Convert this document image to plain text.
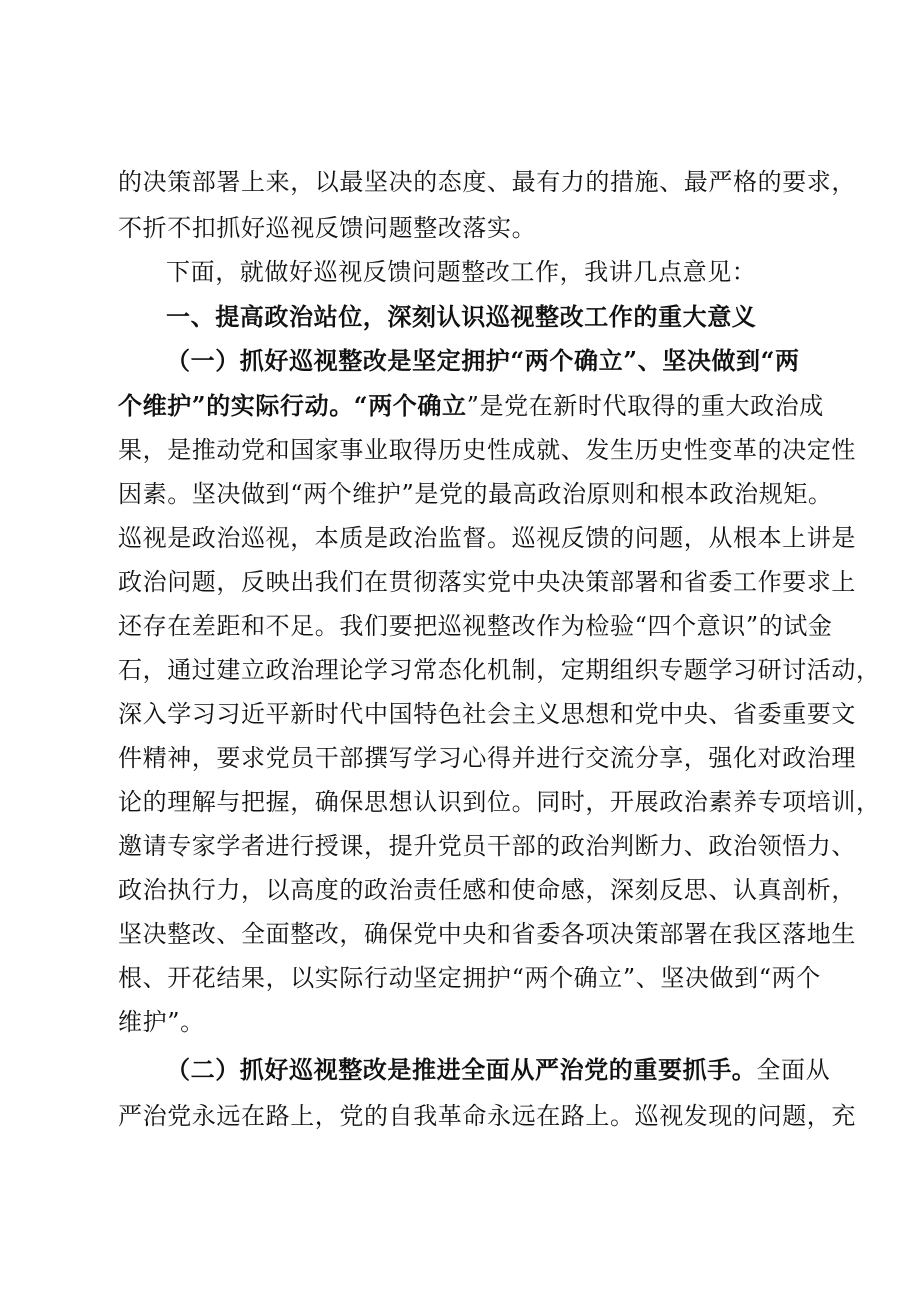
的决策部署上来，以最坚决的态度、最有力的措施、最严格的要求，

不折不扣抓好巡视反馈问题整改落实。

下面，就做好巡视反馈问题整改工作，我讲几点意见：

一、提高政治站位，深刻认识巡视整改工作的重大意义

（一）抓好巡视整改是坚定拥护“两个确立”、坚决做到“两

个维护”的实际行动。“两个确立”是党在新时代取得的重大政治成

果，是推动党和国家事业取得历史性成就、发生历史性变革的决定性

因素。坚决做到“两个维护”是党的最高政治原则和根本政治规矩。

巡视是政治巡视，本质是政治监督。巡视反馈的问题，从根本上讲是

政治问题，反映出我们在贯彻落实党中央决策部署和省委工作要求上

还存在差距和不足。我们要把巡视整改作为检验“四个意识”的试金

石，通过建立政治理论学习常态化机制，定期组织专题学习研讨活动，

深入学习习近平新时代中国特色社会主义思想和党中央、省委重要文

件精神，要求党员干部撰写学习心得并进行交流分享，强化对政治理

论的理解与把握，确保思想认识到位。同时，开展政治素养专项培训，

邀请专家学者进行授课，提升党员干部的政治判断力、政治领悟力、

政治执行力，以高度的政治责任感和使命感，深刻反思、认真剖析，

坚决整改、全面整改，确保党中央和省委各项决策部署在我区落地生

根、开花结果，以实际行动坚定拥护“两个确立”、坚决做到“两个

维护”。

（二）抓好巡视整改是推进全面从严治党的重要抓手。全面从

严治党永远在路上，党的自我革命永远在路上。巡视发现的问题，充
